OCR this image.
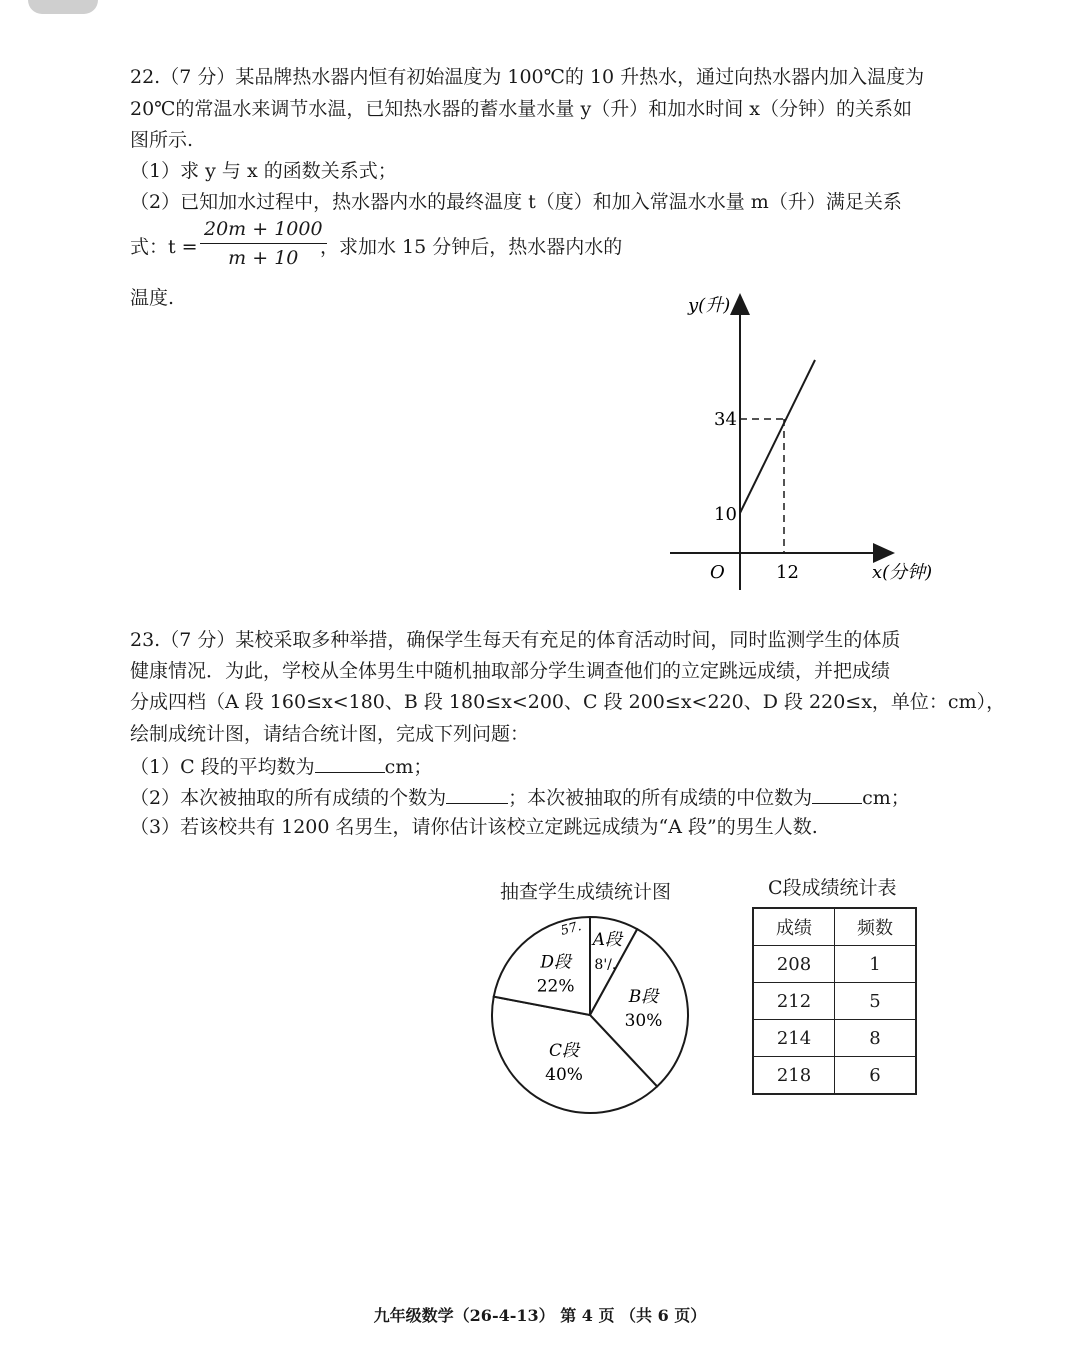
22.（7 分）某品牌热水器内恒有初始温度为 100℃的 10 升热水，通过向热水器内加入温度为
20℃的常温水来调节水温，已知热水器的蓄水量水量 y（升）和加水时间 x（分钟）的关系如
图所示.
（1）求 y 与 x 的函数关系式；
（2）已知加水过程中，热水器内水的最终温度 t（度）和加入常温水水量 m（升）满足关系
式：$t = \frac{20m + 1000}{m + 10}$
，求加水 15 分钟后，热水器内水的
温度.	y(升)
x(分钟)
O
34
10
12
23.（7 分）某校采取多种举措，确保学生每天有充足的体育活动时间，同时监测学生的体质
健康情况．为此，学校从全体男生中随机抽取部分学生调查他们的立定跳远成绩，并把成绩
分成四档（A 段 160≤x<180、B 段 180≤x<200、C 段 200≤x<220、D 段 220≤x，单位：cm），
绘制成统计图，请结合统计图，完成下列问题：
（1）C 段的平均数为	cm；
（2）本次被抽取的所有成绩的个数为	；本次被抽取的所有成绩的中位数为	cm；
（3）若该校共有 1200 名男生，请你估计该校立定跳远成绩为“A 段”的男生人数.
抽查学生成绩统计图
A段
8'/.
B段
30%
C段
40%
D段
22%
57.
C段成绩统计表
成绩	频数
208	1
212	5
214	8
218	6
九年级数学（26-4-13） 第 4 页 （共 6 页）
